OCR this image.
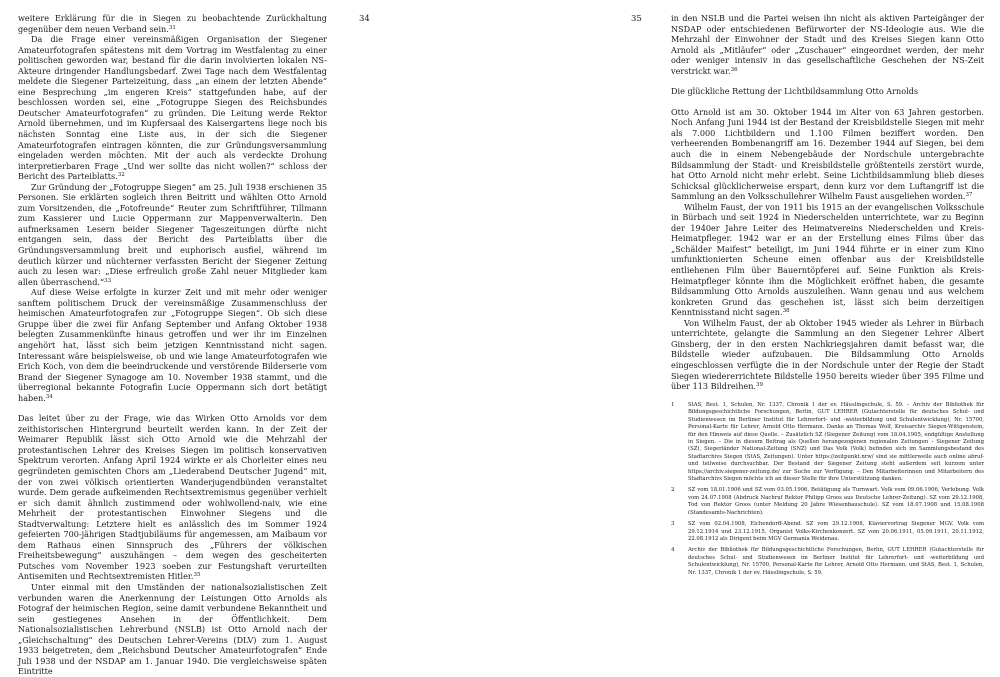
34

weitere Erklärung für die in Siegen zu beobachtende Zurückhaltung gegenüber dem neuen Verband sein.$^{31}$

Da die Frage einer vereinsmäßigen Organisation der Siegener Amateurfotografen spätestens mit dem Vortrag im Westfalentag zu einer politischen geworden war, bestand für die darin involvierten lokalen NS-Akteure dringender Handlungsbedarf. Zwei Tage nach dem Westfalentag meldete die Siegener Parteizeitung, dass „an einem der letzten Abende“ eine Besprechung „im engeren Kreis“ stattgefunden habe, auf der beschlossen worden sei, eine „Fotogruppe Siegen des Reichsbundes Deutscher Amateurfotografen“ zu gründen. Die Leitung werde Rektor Arnold übernehmen, und im Kupfersaal des Kaisergartens liege noch bis nächsten Sonntag eine Liste aus, in der sich die Siegener Amateurfotografen eintragen könnten, die zur Gründungsversammlung eingeladen werden möchten. Mit der auch als verdeckte Drohung interpretierbaren Frage „Und wer sollte das nicht wollen?“ schloss der Bericht des Parteiblatts.$^{32}$

Zur Gründung der „Fotogruppe Siegen“ am 25. Juli 1938 erschienen 35 Personen. Sie erklärten sogleich ihren Beitritt und wählten Otto Arnold zum Vorsitzenden, die „Fotofreunde“ Reuter zum Schriftführer, Tillmann zum Kassierer und Lucie Oppermann zur Mappenverwalterin. Den aufmerksamen Lesern beider Siegener Tageszeitungen dürfte nicht entgangen sein, dass der Bericht des Parteiblatts über die Gründungsversammlung breit und euphorisch ausfiel, während im deutlich kürzer und nüchterner verfassten Bericht der Siegener Zeitung auch zu lesen war: „Diese erfreulich große Zahl neuer Mitglieder kam allen überraschend.“$^{33}$

Auf diese Weise erfolgte in kurzer Zeit und mit mehr oder weniger sanftem politischem Druck der vereinsmäßige Zusammenschluss der heimischen Amateurfotografen zur „Fotogruppe Siegen“. Ob sich diese Gruppe über die zwei für Anfang September und Anfang Oktober 1938 belegten Zusammenkünfte hinaus getroffen und wer ihr im Einzelnen angehört hat, lässt sich beim jetzigen Kenntnisstand nicht sagen. Interessant wäre beispielsweise, ob und wie lange Amateurfotografen wie Erich Koch, von dem die beeindruckende und verstörende Bilderserie vom Brand der Siegener Synagoge am 10. November 1938 stammt, und die überregional bekannte Fotografin Lucie Oppermann sich dort betätigt haben.$^{34}$

Das leitet über zu der Frage, wie das Wirken Otto Arnolds vor dem zeithistorischen Hintergrund beurteilt werden kann. In der Zeit der Weimarer Republik lässt sich Otto Arnold wie die Mehrzahl der protestantischen Lehrer des Kreises Siegen im politisch konservativen Spektrum verorten. Anfang April 1924 wirkte er als Chorleiter eines neu gegründeten gemischten Chors am „Liederabend Deutscher Jugend“ mit, der von zwei völkisch orientierten Wanderjugendbünden veranstaltet wurde. Dem gerade aufkeimenden Rechtsextremismus gegenüber verhielt er sich damit ähnlich zustimmend oder wohlwollend-naiv, wie eine Mehrheit der protestantischen Einwohner Siegens und die Stadtverwaltung: Letztere hielt es anlässlich des im Sommer 1924 gefeierten 700-jährigen Stadtjubiläums für angemessen, am Maibaum vor dem Rathaus einen Sinnspruch des „Führers der völkischen Freiheitsbewegung“ auszuhängen – dem wegen des gescheiterten Putsches vom November 1923 soeben zur Festungshaft verurteilten Antisemiten und Rechtsextremisten Hitler.$^{35}$

Unter einmal mit den Umständen der nationalsozialistischen Zeit verbunden waren die Anerkennung der Leistungen Otto Arnolds als Fotograf der heimischen Region, seine damit verbundene Bekanntheit und sein gestiegenes Ansehen in der Öffentlichkeit. Dem Nationalsozialistischen Lehrerbund (NSLB) ist Otto Arnold nach der „Gleichschaltung“ des Deutschen Lehrer-Vereins (DLV) zum 1. August 1933 beigetreten, dem „Reichsbund Deutscher Amateurfotografen“ Ende Juli 1938 und der NSDAP am 1. Januar 1940. Die vergleichsweise späten Eintritte

35	in den NSLB und die Partei weisen ihn nicht als aktiven Parteigänger der NSDAP oder entschiedenen Befürworter der NS-Ideologie aus. Wie die Mehrzahl der Einwohner der Stadt und des Kreises Siegen kann Otto Arnold als „Mitläufer“ oder „Zuschauer“ eingeordnet werden, der mehr oder weniger intensiv in das gesellschaftliche Geschehen der NS-Zeit verstrickt war.$^{36}$

Die glückliche Rettung der Lichtbildsammlung Otto Arnolds

Otto Arnold ist am 30. Oktober 1944 im Alter von 63 Jahren gestorben. Noch Anfang Juni 1944 ist der Bestand der Kreisbildstelle Siegen mit mehr als 7.000 Lichtbildern und 1.100 Filmen beziffert worden. Den verheerenden Bombenangriff am 16. Dezember 1944 auf Siegen, bei dem auch die in einem Nebengebäude der Nordschule untergebrachte Bildsammlung der Stadt- und Kreisbildstelle größtenteils zerstört wurde, hat Otto Arnold nicht mehr erlebt. Seine Lichtbildsammlung blieb dieses Schicksal glücklicherweise erspart, denn kurz vor dem Luftangriff ist die Sammlung an den Volksschullehrer Wilhelm Faust ausgeliehen worden.$^{37}$

Wilhelm Faust, der von 1911 bis 1915 an der evangelischen Volksschule in Bürbach und seit 1924 in Niederschelden unterrichtete, war zu Beginn der 1940er Jahre Leiter des Heimatvereins Niederschelden und Kreis-Heimatpfleger. 1942 war er an der Erstellung eines Films über das „Schälder Maifest“ beteiligt, im Juni 1944 führte er in einer zum Kino umfunktionierten Scheune einen offenbar aus der Kreisbildstelle entliehenen Film über Bauerntöpferei auf. Seine Funktion als Kreis-Heimatpfleger könnte ihm die Möglichkeit eröffnet haben, die gesamte Bildsammlung Otto Arnolds auszuleihen. Wann genau und aus welchem konkreten Grund das geschehen ist, lässt sich beim derzeitigen Kenntnisstand nicht sagen.$^{38}$

Von Wilhelm Faust, der ab Oktober 1945 wieder als Lehrer in Bürbach unterrichtete, gelangte die Sammlung an den Siegener Lehrer Albert Ginsberg, der in den ersten Nachkriegsjahren damit befasst war, die Bildstelle wieder aufzubauen. Die Bildsammlung Otto Arnolds eingeschlossen verfügte die in der Nordschule unter der Regie der Stadt Siegen wiedererrichtete Bildstelle 1950 bereits wieder über 395 Filme und über 113 Bildreihen.$^{39}$

1	StAS, Best. 1, Schulen, Nr. 1337, Chronik 1 der ev. Häuslingschule, S. 59. – Archiv der Bibliothek für Bildungsgeschichtliche Forschungen, Berlin, GUT LEHRER (Gutachterstelle für deutsches Schul- und Studienwesen im Berliner Institut für Lehrerfort- und -weiterbildung und Schulentwicklung), Nr. 15700, Personal-Karte für Lehrer, Arnold Otto Hermann. Danke an Thomas Wolf, Kreisarchiv Siegen-Wittgenstein, für den Hinweis auf diese Quelle. – Zusätzlich SZ (Siegener Zeitung) vom 18.04.1905, endgültige Anstellung in Siegen. – Die in diesem Beitrag als Quellen herangezogenen regionalen Zeitungen – Siegener Zeitung (SZ), Siegerländer National-Zeitung (SNZ) und Das Volk (Volk) befinden sich im Sammlungsbestand des Stadtarchivs Siegen (StAS, Zeitungen). Unter https://zeitpunkt.nrw/ sind sie mittlerweile auch online abruf- und teilweise durchsuchbar. Der Bestand der Siegener Zeitung steht außerdem seit kurzem unter https://archiv.siegener-zeitung.de/ zur Suche zur Verfügung. – Den Mitarbeiterinnen und Mitarbeitern des Stadtarchivs Siegen möchte ich an dieser Stelle für ihre Unterstützung danken.
2	SZ vom 18.01.1906 und SZ vom 03.05.1906, Betätigung als Turnwart. Volk vom 09.06.1906, Verlobung. Volk vom 24.07.1908 (Abdruck Nachruf Rektor Philipp Groos aus Deutsche Lehrer-Zeitung). SZ vom 29.12.1908, Tod von Rektor Groos (unter Meldung 20 Jahre Wiesenbauschule). SZ vom 18.07.1908 und 15.08.1908 (Standesamts-Nachrichten).
3	SZ vom 02.04.1908, Eichendorff-Abend. SZ vom 29.12.1908, Klaviervortrag Siegener MGV. Volk vom 29.12.1914 und 23.12.1915, Organist Volks-Kirchenkonzert. SZ vom 20.06.1911, 05.09.1911, 20.11.1912, 22.08.1912 als Dirigent beim MGV Germania Weidenau.
4	Archiv der Bibliothek für Bildungsgeschichtliche Forschungen, Berlin, GUT LEHRER (Gutachterstelle für deutsches Schul- und Studienwesen im Berliner Institut für Lehrerfort- und -weiterbildung und Schulentwicklung), Nr. 15700, Personal-Karte für Lehrer, Arnold Otto Hermann, und StAS, Best. 1, Schulen, Nr. 1337, Chronik 1 der ev. Häuslingschule, S. 59.
